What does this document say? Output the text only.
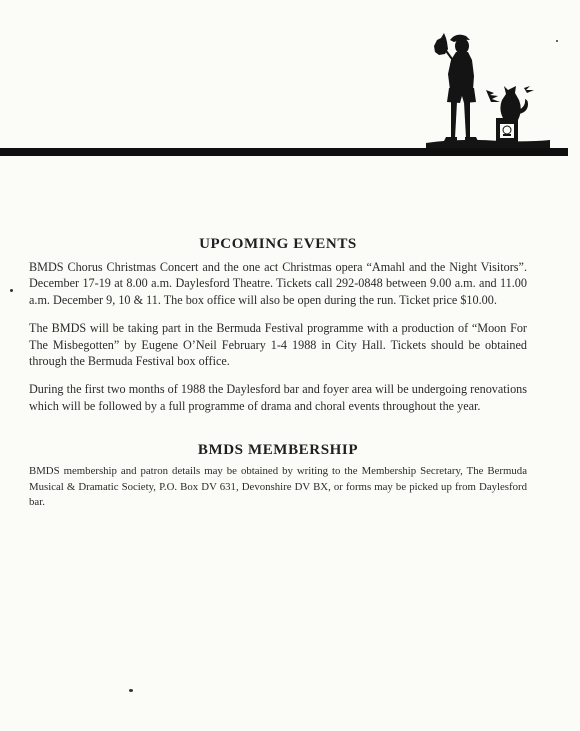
UPCOMING EVENTS

BMDS Chorus Christmas Concert and the one act Christmas opera “Amahl and the Night Visitors”. December 17-19 at 8.00 a.m. Daylesford Theatre. Tickets call 292-0848 between 9.00 a.m. and 11.00 a.m. December 9, 10 & 11. The box office will also be open during the run. Ticket price $10.00.

The BMDS will be taking part in the Bermuda Festival programme with a production of “Moon For The Misbegotten” by Eugene O’Neil February 1-4 1988 in City Hall. Tickets should be obtained through the Bermuda Festival box office.

During the first two months of 1988 the Daylesford bar and foyer area will be undergoing renovations which will be followed by a full programme of drama and choral events throughout the year.

BMDS MEMBERSHIP

BMDS membership and patron details may be obtained by writing to the Membership Secretary, The Bermuda Musical & Dramatic Society, P.O. Box DV 631, Devonshire DV BX, or forms may be picked up from Daylesford bar.
